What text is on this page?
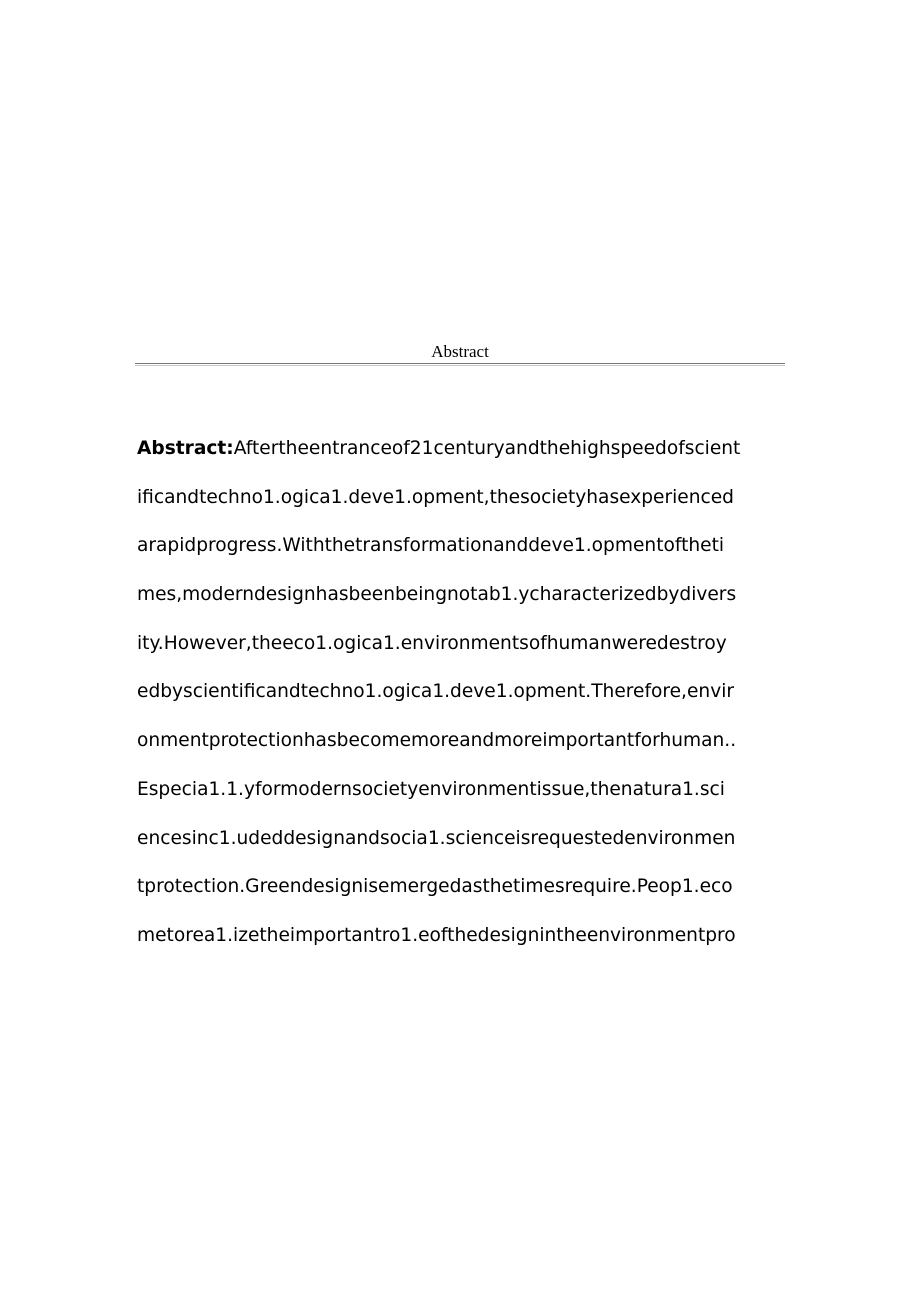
Abstract
Abstract:Aftertheentranceof21centuryandthehighspeedofscient
ificandtechno1.ogica1.deve1.opment,thesocietyhasexperienced
arapidprogress.Withthetransformationanddeve1.opmentoftheti
mes,moderndesignhasbeenbeingnotab1.ycharacterizedbydivers
ity.However,theeco1.ogica1.environmentsofhumanweredestroy
edbyscientificandtechno1.ogica1.deve1.opment.Therefore,envir
onmentprotectionhasbecomemoreandmoreimportantforhuman..
Especia1.1.yformodernsocietyenvironmentissue,thenatura1.sci
encesinc1.udeddesignandsocia1.scienceisrequestedenvironmen
tprotection.Greendesignisemergedasthetimesrequire.Peop1.eco
metorea1.izetheimportantro1.eofthedesignintheenvironmentpro
